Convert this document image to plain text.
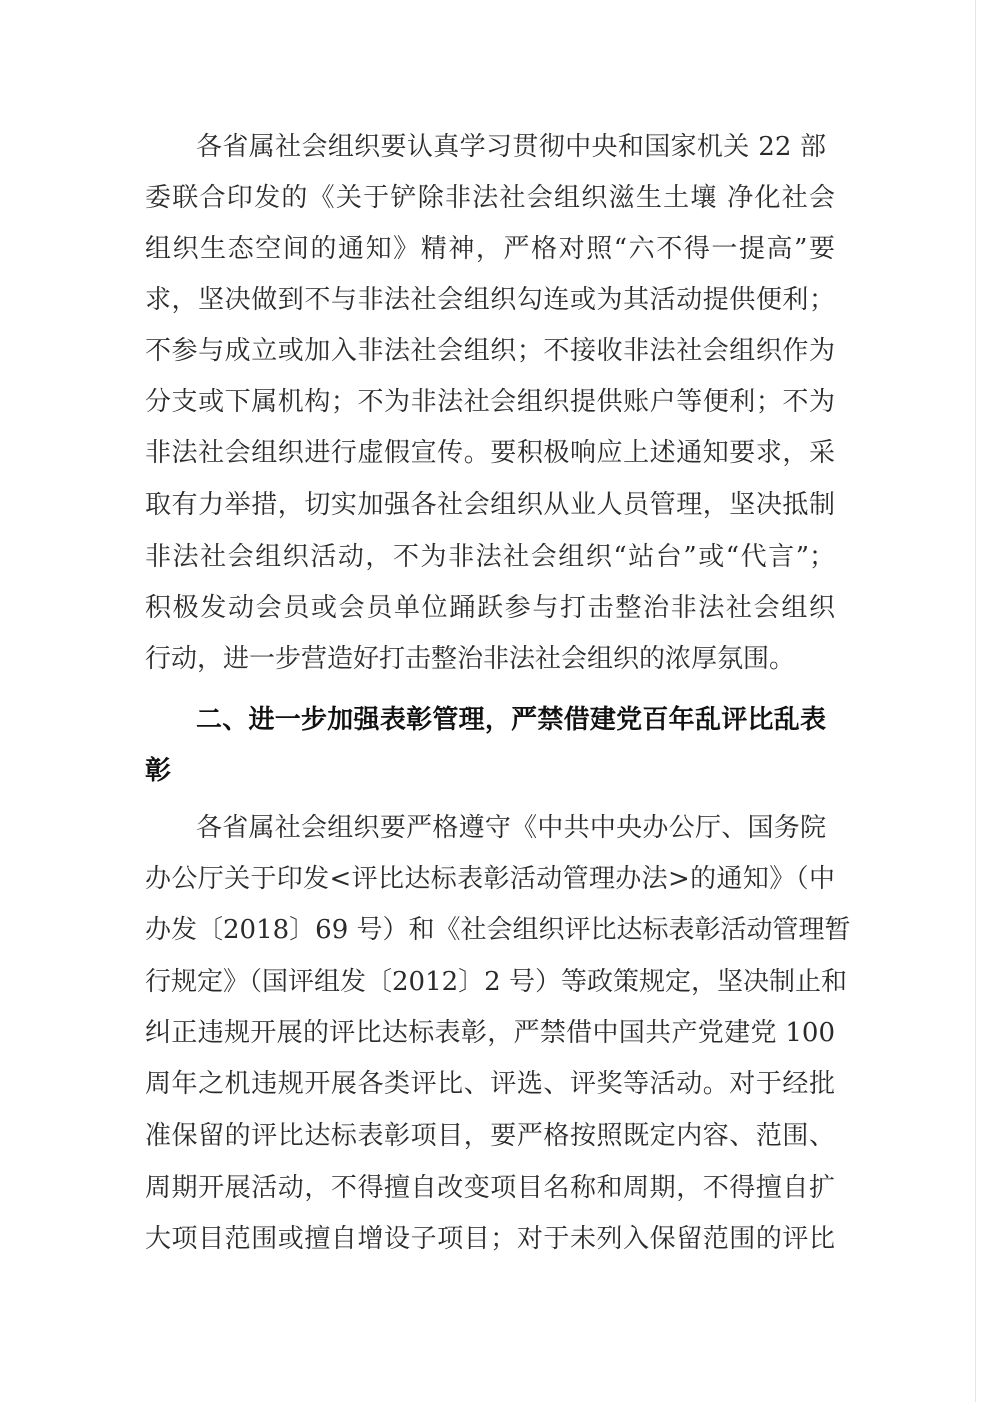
各省属社会组织要认真学习贯彻中央和国家机关 22 部
委联合印发的《关于铲除非法社会组织滋生土壤 净化社会
组织生态空间的通知》精神，严格对照“六不得一提高”要
求，坚决做到不与非法社会组织勾连或为其活动提供便利；
不参与成立或加入非法社会组织；不接收非法社会组织作为
分支或下属机构；不为非法社会组织提供账户等便利；不为
非法社会组织进行虚假宣传。要积极响应上述通知要求，采
取有力举措，切实加强各社会组织从业人员管理，坚决抵制
非法社会组织活动，不为非法社会组织“站台”或“代言”；
积极发动会员或会员单位踊跃参与打击整治非法社会组织
行动，进一步营造好打击整治非法社会组织的浓厚氛围。
二、进一步加强表彰管理，严禁借建党百年乱评比乱表
彰
各省属社会组织要严格遵守《中共中央办公厅、国务院
办公厅关于印发<评比达标表彰活动管理办法>的通知》（中
办发〔2018〕69 号）和《社会组织评比达标表彰活动管理暂
行规定》（国评组发〔2012〕2 号）等政策规定，坚决制止和
纠正违规开展的评比达标表彰，严禁借中国共产党建党 100
周年之机违规开展各类评比、评选、评奖等活动。对于经批
准保留的评比达标表彰项目，要严格按照既定内容、范围、
周期开展活动，不得擅自改变项目名称和周期，不得擅自扩
大项目范围或擅自增设子项目；对于未列入保留范围的评比
